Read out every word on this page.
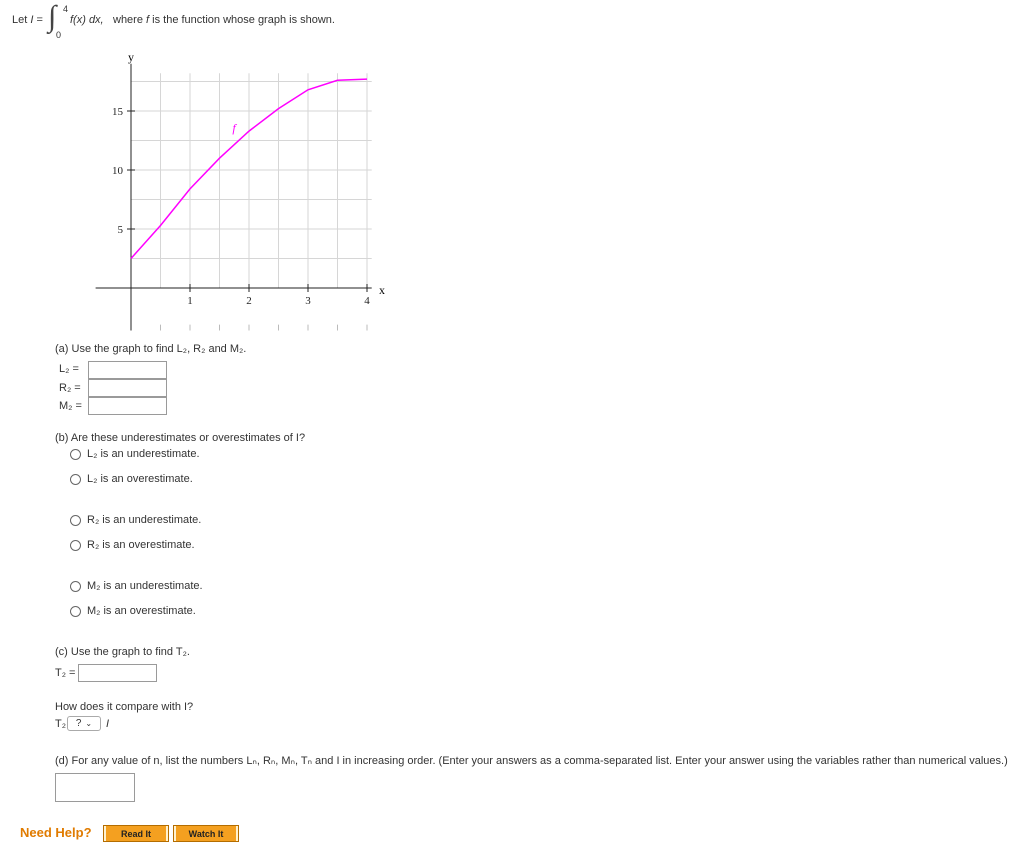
Let I = ∫ 4
0
f(x) dx, where f is the function whose graph is shown.
1	2	3	4
5
10
15
f
y
x
(a) Use the graph to find L₂, R₂ and M₂.
L₂ =
R₂ =
M₂ =
(b) Are these underestimates or overestimates of I?
L₂ is an underestimate.
L₂ is an overestimate.
R₂ is an underestimate.
R₂ is an overestimate.
M₂ is an underestimate.
M₂ is an overestimate.
(c) Use the graph to find T₂.
T₂ =
How does it compare with I?
T₂ ? ⌄ I
(d) For any value of n, list the numbers Lₙ, Rₙ, Mₙ, Tₙ and I in increasing order. (Enter your answers as a comma-separated list. Enter your answer using the variables rather than numerical values.)
Need Help?	Read It	Watch It
